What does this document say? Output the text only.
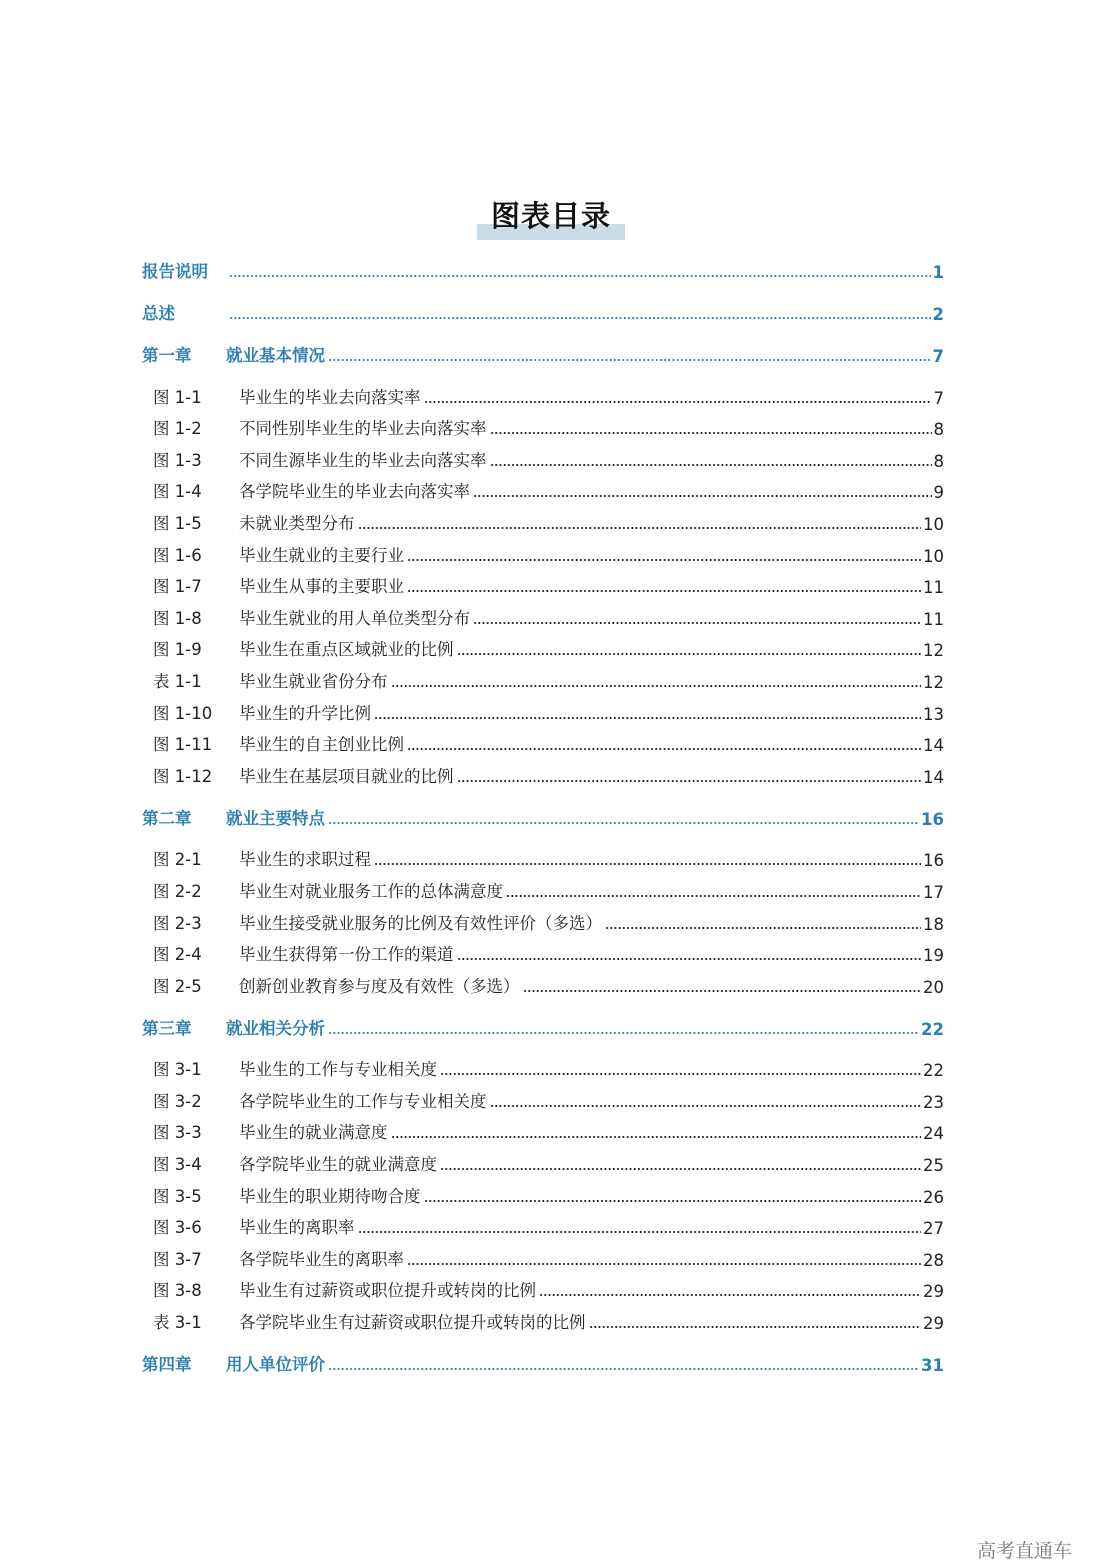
图表目录
报告说明	1
总述	2
第一章	就业基本情况	7
图 1-1	毕业生的毕业去向落实率	7
图 1-2	不同性别毕业生的毕业去向落实率	8
图 1-3	不同生源毕业生的毕业去向落实率	8
图 1-4	各学院毕业生的毕业去向落实率	9
图 1-5	未就业类型分布	10
图 1-6	毕业生就业的主要行业	10
图 1-7	毕业生从事的主要职业	11
图 1-8	毕业生就业的用人单位类型分布	11
图 1-9	毕业生在重点区域就业的比例	12
表 1-1	毕业生就业省份分布	12
图 1-10	毕业生的升学比例	13
图 1-11	毕业生的自主创业比例	14
图 1-12	毕业生在基层项目就业的比例	14
第二章	就业主要特点	16
图 2-1	毕业生的求职过程	16
图 2-2	毕业生对就业服务工作的总体满意度	17
图 2-3	毕业生接受就业服务的比例及有效性评价（多选）	18
图 2-4	毕业生获得第一份工作的渠道	19
图 2-5	创新创业教育参与度及有效性（多选）	20
第三章	就业相关分析	22
图 3-1	毕业生的工作与专业相关度	22
图 3-2	各学院毕业生的工作与专业相关度	23
图 3-3	毕业生的就业满意度	24
图 3-4	各学院毕业生的就业满意度	25
图 3-5	毕业生的职业期待吻合度	26
图 3-6	毕业生的离职率	27
图 3-7	各学院毕业生的离职率	28
图 3-8	毕业生有过薪资或职位提升或转岗的比例	29
表 3-1	各学院毕业生有过薪资或职位提升或转岗的比例	29
第四章	用人单位评价	31
高考直通车
